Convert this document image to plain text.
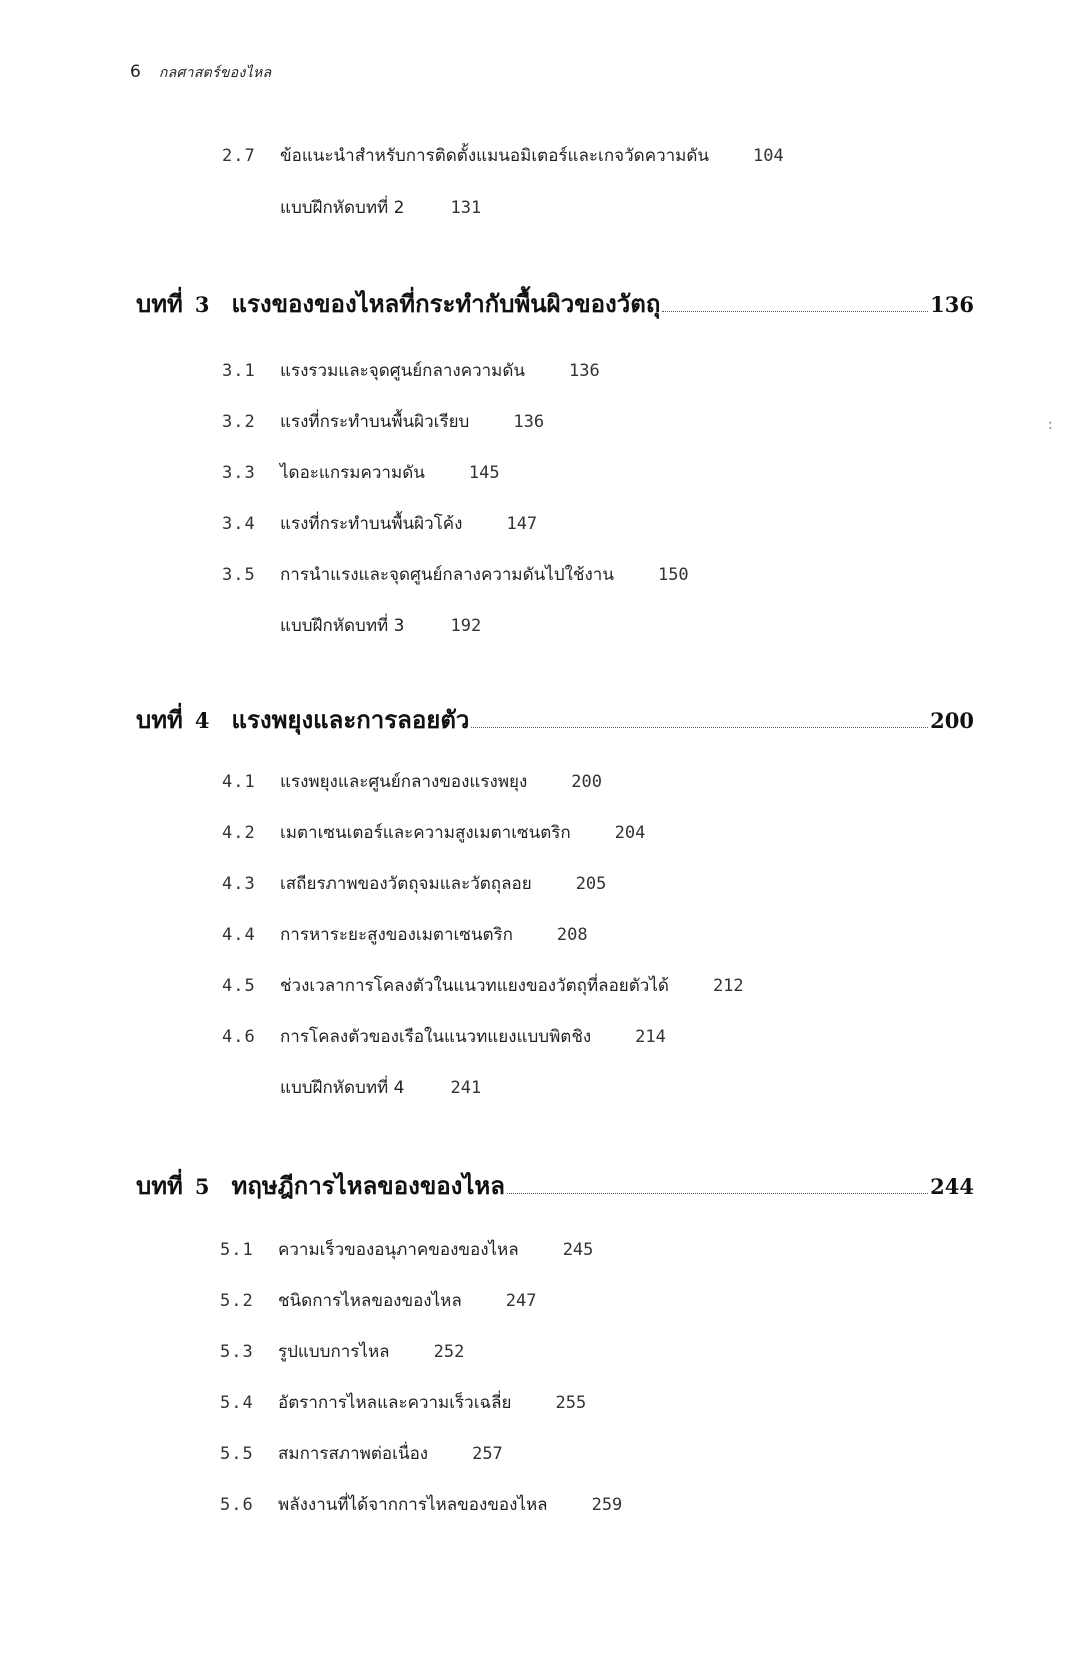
6 กลศาสตร์ของไหล
2.7	ข้อแนะนำสำหรับการติดตั้งแมนอมิเตอร์และเกจวัดความดัน	104
แบบฝึกหัดบทที่ 2	131
บทที่ 3 แรงของของไหลที่กระทำกับพื้นผิวของวัตถุ	136
3.1	แรงรวมและจุดศูนย์กลางความดัน	136
3.2	แรงที่กระทำบนพื้นผิวเรียบ	136
3.3	ไดอะแกรมความดัน	145
3.4	แรงที่กระทำบนพื้นผิวโค้ง	147
3.5	การนำแรงและจุดศูนย์กลางความดันไปใช้งาน	150
แบบฝึกหัดบทที่ 3	192
บทที่ 4 แรงพยุงและการลอยตัว	200
4.1	แรงพยุงและศูนย์กลางของแรงพยุง	200
4.2	เมตาเซนเตอร์และความสูงเมตาเซนตริก	204
4.3	เสถียรภาพของวัตถุจมและวัตถุลอย	205
4.4	การหาระยะสูงของเมตาเซนตริก	208
4.5	ช่วงเวลาการโคลงตัวในแนวทแยงของวัตถุที่ลอยตัวได้	212
4.6	การโคลงตัวของเรือในแนวทแยงแบบพิตชิง	214
แบบฝึกหัดบทที่ 4	241
บทที่ 5 ทฤษฎีการไหลของของไหล	244
5.1	ความเร็วของอนุภาคของของไหล	245
5.2	ชนิดการไหลของของไหล	247
5.3	รูปแบบการไหล	252
5.4	อัตราการไหลและความเร็วเฉลี่ย	255
5.5	สมการสภาพต่อเนื่อง	257
5.6	พลังงานที่ได้จากการไหลของของไหล	259
:
